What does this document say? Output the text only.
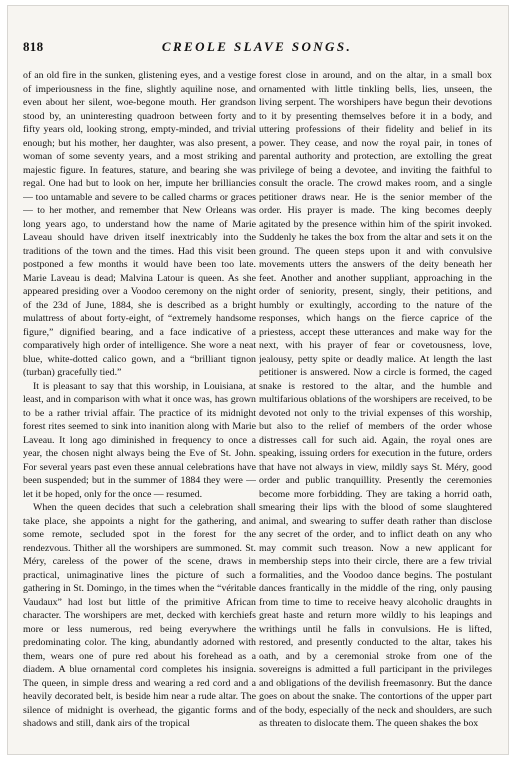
818	CREOLE SLAVE SONGS.

of an old fire in the sunken, glistening eyes, and a vestige of imperiousness in the fine, slightly aquiline nose, and even about her silent, woe-begone mouth. Her grandson stood by, an uninteresting quadroon between forty and fifty years old, looking strong, empty-minded, and trivial enough; but his mother, her daughter, was also present, a woman of some seventy years, and a most striking and majestic figure. In features, stature, and bearing she was regal. One had but to look on her, impute her brilliancies — too untamable and severe to be called charms or graces — to her mother, and remember that New Orleans was long years ago, to understand how the name of Marie Laveau should have driven itself inextricably into the traditions of the town and the times. Had this visit been postponed a few months it would have been too late. Marie Laveau is dead; Malvina Latour is queen. As she appeared presiding over a Voodoo ceremony on the night of the 23d of June, 1884, she is described as a bright mulattress of about forty-eight, of “extremely handsome figure,” dignified bearing, and a face indicative of a comparatively high order of intelligence. She wore a neat blue, white-dotted calico gown, and a “brilliant tignon (turban) gracefully tied.”

It is pleasant to say that this worship, in Louisiana, at least, and in comparison with what it once was, has grown to be a rather trivial affair. The practice of its midnight forest rites seemed to sink into inanition along with Marie Laveau. It long ago diminished in frequency to once a year, the chosen night always being the Eve of St. John. For several years past even these annual celebrations have been suspended; but in the summer of 1884 they were — let it be hoped, only for the once — resumed.

When the queen decides that such a celebration shall take place, she appoints a night for the gathering, and some remote, secluded spot in the forest for the rendezvous. Thither all the worshipers are summoned. St. Méry, careless of the power of the scene, draws in practical, unimaginative lines the picture of such a gathering in St. Domingo, in the times when the “véritable Vaudaux” had lost but little of the primitive African character. The worshipers are met, decked with kerchiefs more or less numerous, red being everywhere the predominating color. The king, abundantly adorned with them, wears one of pure red about his forehead as a diadem. A blue ornamental cord completes his insignia. The queen, in simple dress and wearing a red cord and a heavily decorated belt, is beside him near a rude altar. The silence of midnight is overhead, the gigantic forms and shadows and still, dank airs of the tropical

forest close in around, and on the altar, in a small box ornamented with little tinkling bells, lies, unseen, the living serpent. The worshipers have begun their devotions to it by presenting themselves before it in a body, and uttering professions of their fidelity and belief in its power. They cease, and now the royal pair, in tones of parental authority and protection, are extolling the great privilege of being a devotee, and inviting the faithful to consult the oracle. The crowd makes room, and a single petitioner draws near. He is the senior member of the order. His prayer is made. The king becomes deeply agitated by the presence within him of the spirit invoked. Suddenly he takes the box from the altar and sets it on the ground. The queen steps upon it and with convulsive movements utters the answers of the deity beneath her feet. Another and another suppliant, approaching in the order of seniority, present, singly, their petitions, and humbly or exultingly, according to the nature of the responses, which hangs on the fierce caprice of the priestess, accept these utterances and make way for the next, with his prayer of fear or covetousness, love, jealousy, petty spite or deadly malice. At length the last petitioner is answered. Now a circle is formed, the caged snake is restored to the altar, and the humble and multifarious oblations of the worshipers are received, to be devoted not only to the trivial expenses of this worship, but also to the relief of members of the order whose distresses call for such aid. Again, the royal ones are speaking, issuing orders for execution in the future, orders that have not always in view, mildly says St. Méry, good order and public tranquillity. Presently the ceremonies become more forbidding. They are taking a horrid oath, smearing their lips with the blood of some slaughtered animal, and swearing to suffer death rather than disclose any secret of the order, and to inflict death on any who may commit such treason. Now a new applicant for membership steps into their circle, there are a few trivial formalities, and the Voodoo dance begins. The postulant dances frantically in the middle of the ring, only pausing from time to time to receive heavy alcoholic draughts in great haste and return more wildly to his leapings and writhings until he falls in convulsions. He is lifted, restored, and presently conducted to the altar, takes his oath, and by a ceremonial stroke from one of the sovereigns is admitted a full participant in the privileges and obligations of the devilish freemasonry. But the dance goes on about the snake. The contortions of the upper part of the body, especially of the neck and shoulders, are such as threaten to dislocate them. The queen shakes the box
